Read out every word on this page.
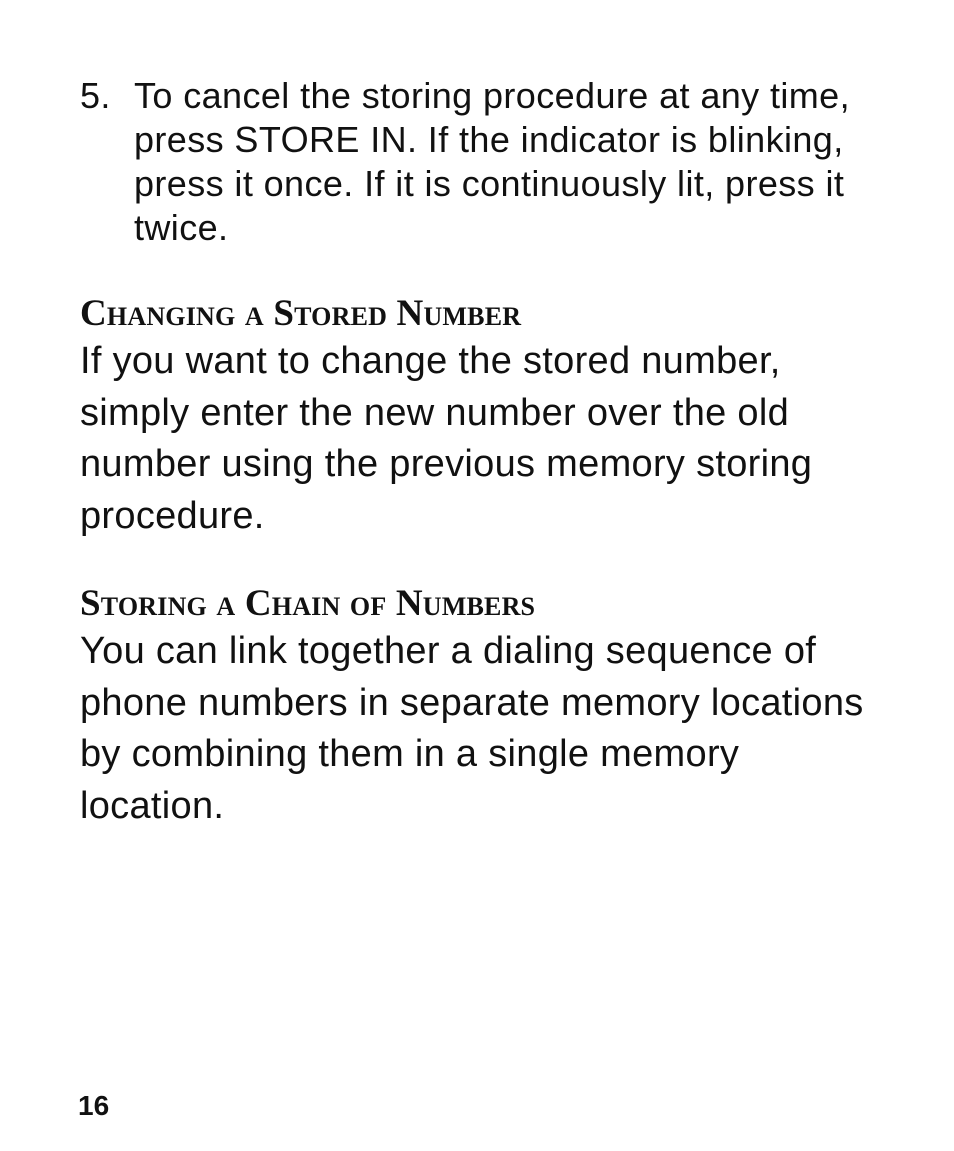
5. To cancel the storing procedure at any time, press STORE IN. If the indicator is blinking, press it once. If it is continuously lit, press it twice.
Changing a Stored Number

If you want to change the stored number, simply enter the new number over the old number using the previous memory storing procedure.

Storing a Chain of Numbers

You can link together a dialing sequence of phone numbers in separate memory locations by combining them in a single memory location.

16
